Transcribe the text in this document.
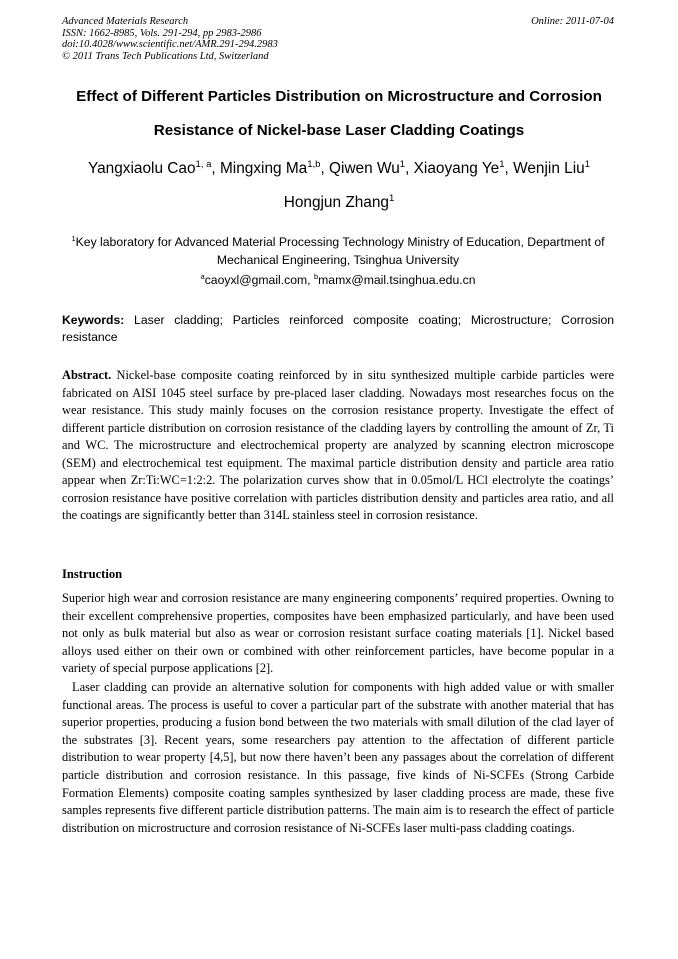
Advanced Materials Research
ISSN: 1662-8985, Vols. 291-294, pp 2983-2986
doi:10.4028/www.scientific.net/AMR.291-294.2983
© 2011 Trans Tech Publications Ltd, Switzerland
Online: 2011-07-04
Effect of Different Particles Distribution on Microstructure and Corrosion
Resistance of Nickel-base Laser Cladding Coatings
Yangxiaolu Cao$^{1, a}$, Mingxing Ma$^{1,b}$, Qiwen Wu$^1$, Xiaoyang Ye$^1$, Wenjin Liu$^1$
Hongjun Zhang$^1$
$^1$Key laboratory for Advanced Material Processing Technology Ministry of Education, Department of
Mechanical Engineering, Tsinghua University
$^a$caoyxl@gmail.com, $^b$mamx@mail.tsinghua.edu.cn
Keywords: Laser cladding; Particles reinforced composite coating; Microstructure; Corrosion resistance
Abstract. Nickel-base composite coating reinforced by in situ synthesized multiple carbide particles were fabricated on AISI 1045 steel surface by pre-placed laser cladding. Nowadays most researches focus on the wear resistance. This study mainly focuses on the corrosion resistance property. Investigate the effect of different particle distribution on corrosion resistance of the cladding layers by controlling the amount of Zr, Ti and WC. The microstructure and electrochemical property are analyzed by scanning electron microscope (SEM) and electrochemical test equipment. The maximal particle distribution density and particle area ratio appear when Zr:Ti:WC=1:2:2. The polarization curves show that in 0.05mol/L HCl electrolyte the coatings’ corrosion resistance have positive correlation with particles distribution density and particles area ratio, and all the coatings are significantly better than 314L stainless steel in corrosion resistance.
Instruction
Superior high wear and corrosion resistance are many engineering components’ required properties. Owning to their excellent comprehensive properties, composites have been emphasized particularly, and have been used not only as bulk material but also as wear or corrosion resistant surface coating materials [1]. Nickel based alloys used either on their own or combined with other reinforcement particles, have become popular in a variety of special purpose applications [2].
Laser cladding can provide an alternative solution for components with high added value or with smaller functional areas. The process is useful to cover a particular part of the substrate with another material that has superior properties, producing a fusion bond between the two materials with small dilution of the clad layer of the substrates [3]. Recent years, some researchers pay attention to the affectation of different particle distribution to wear property [4,5], but now there haven’t been any passages about the correlation of different particle distribution and corrosion resistance. In this passage, five kinds of Ni-SCFEs (Strong Carbide Formation Elements) composite coating samples synthesized by laser cladding process are made, these five samples represents five different particle distribution patterns. The main aim is to research the effect of particle distribution on microstructure and corrosion resistance of Ni-SCFEs laser multi-pass cladding coatings.
